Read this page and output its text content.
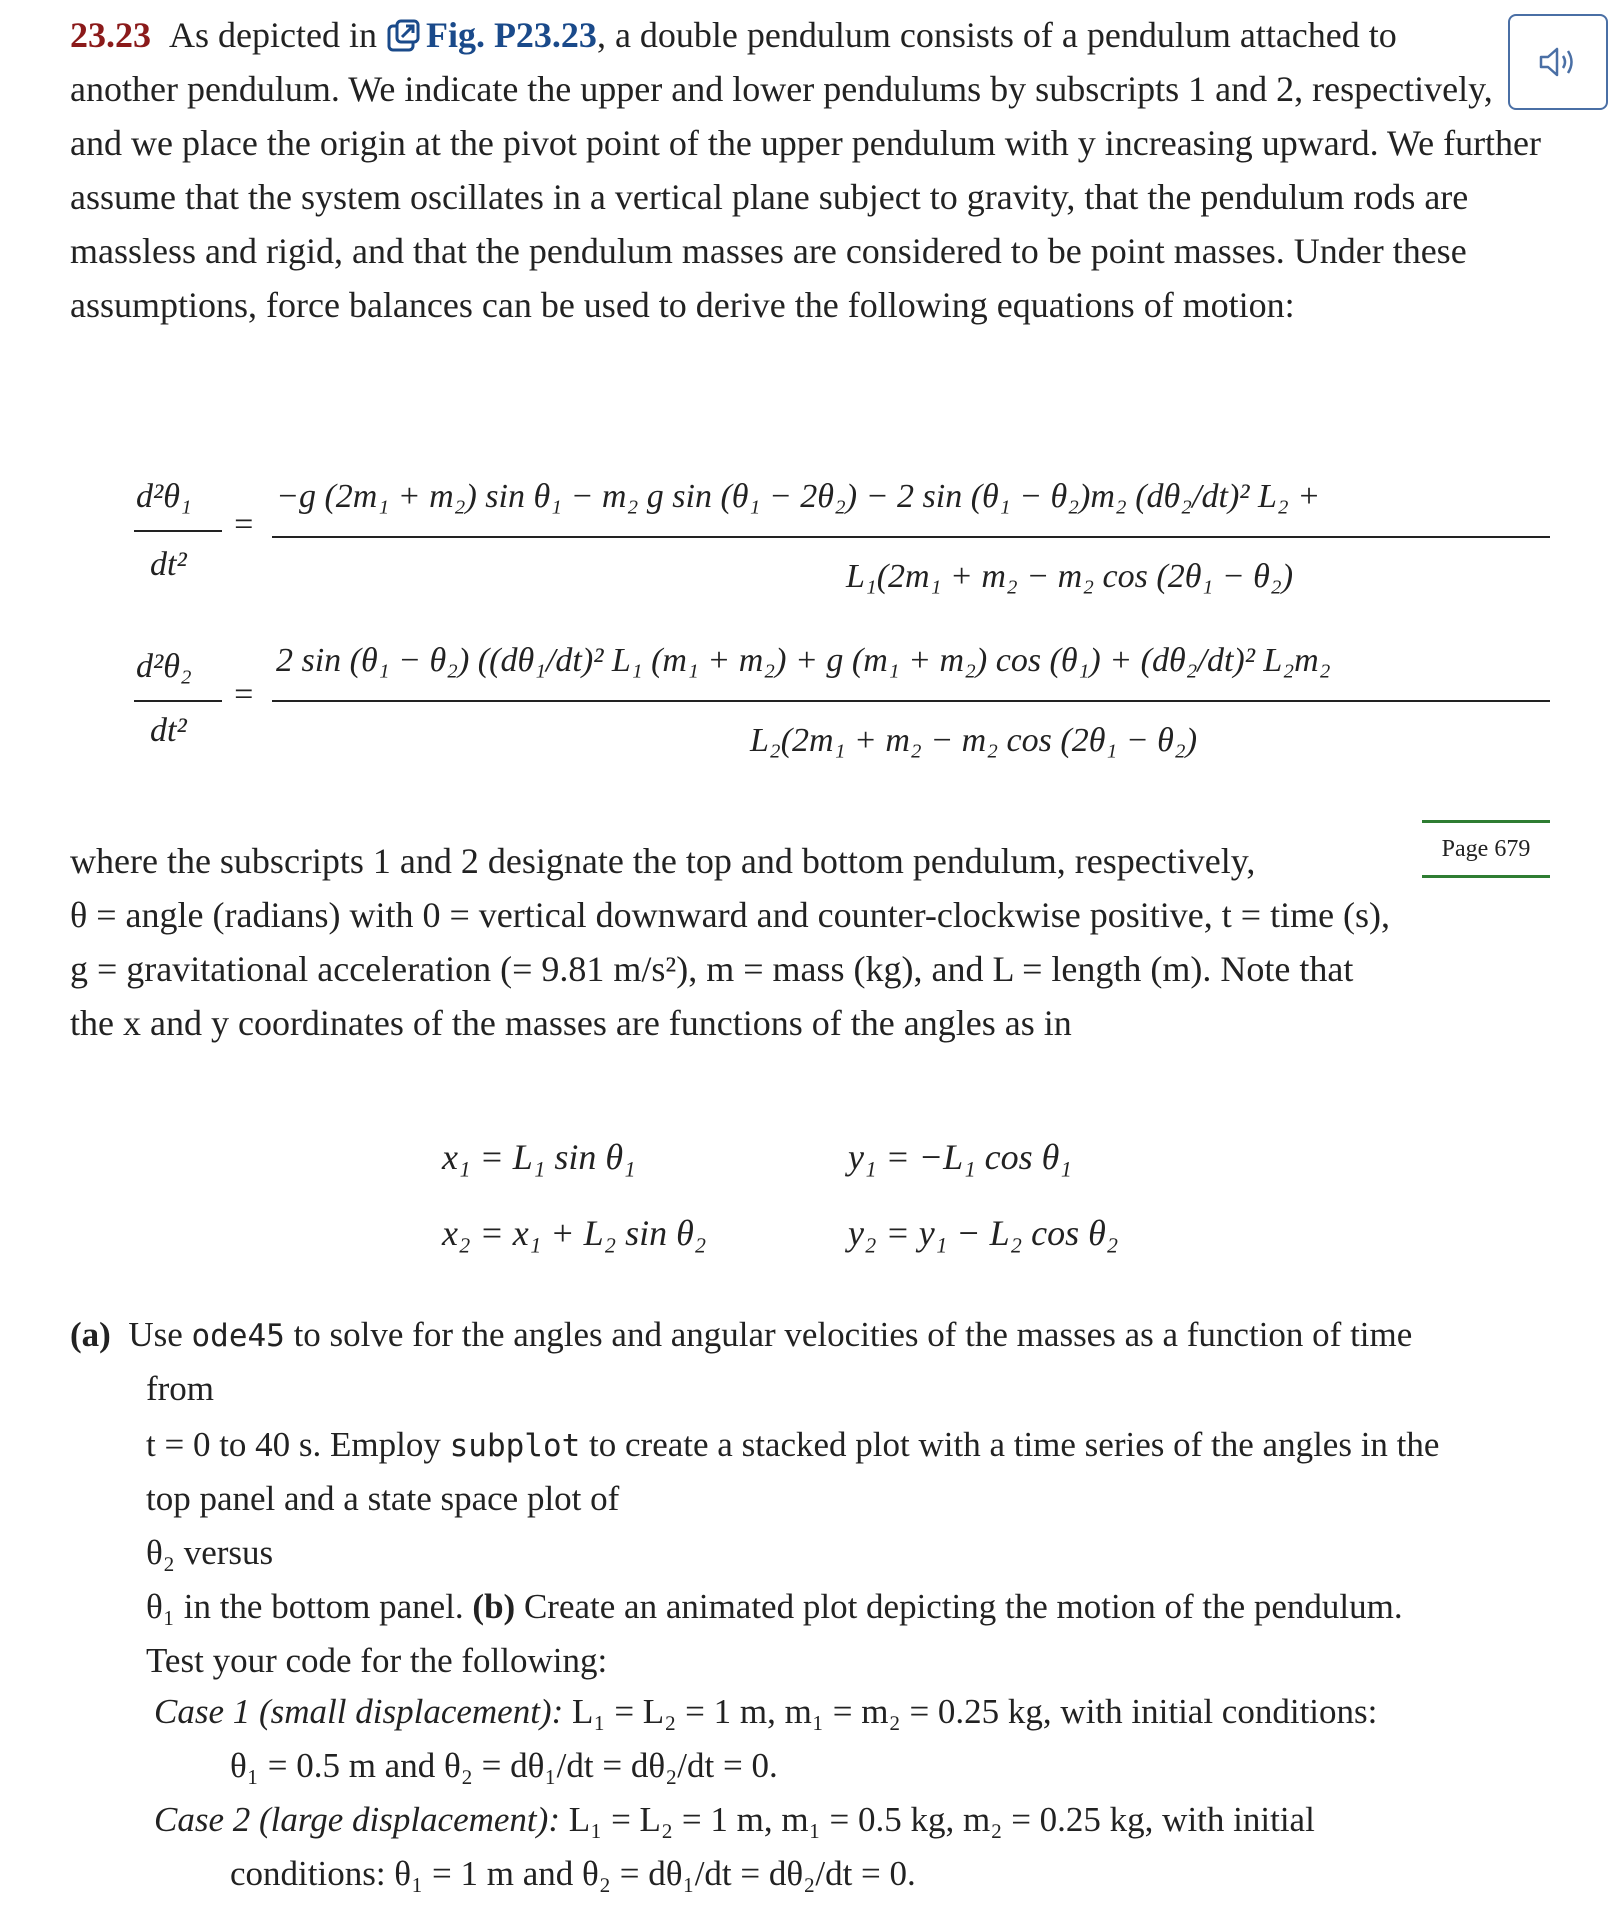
23.23 As depicted in Fig. P23.23, a double pendulum consists of a pendulum attached to
another pendulum. We indicate the upper and lower pendulums by subscripts 1 and 2, respectively, and we place the origin at the pivot point of the upper pendulum with y increasing upward. We further assume that the system oscillates in a vertical plane subject to gravity, that the pendulum rods are massless and rigid, and that the pendulum masses are considered to be point masses. Under these assumptions, force balances can be used to derive the following equations of motion:
d²θ₁
dt²
=
−g (2m₁ + m₂) sin θ₁ − m₂ g sin (θ₁ − 2θ₂) − 2 sin (θ₁ − θ₂)m₂ (dθ₂/dt)² L₂ +
L₁(2m₁ + m₂ − m₂ cos (2θ₁ − θ₂)
d²θ₂
dt²
=
2 sin (θ₁ − θ₂) ((dθ₁/dt)² L₁ (m₁ + m₂) + g (m₁ + m₂) cos (θ₁) + (dθ₂/dt)² L₂m₂
L₂(2m₁ + m₂ − m₂ cos (2θ₁ − θ₂)
Page 679
where the subscripts 1 and 2 designate the top and bottom pendulum, respectively,
θ = angle (radians) with 0 = vertical downward and counter-clockwise positive, t = time (s),
g = gravitational acceleration (= 9.81 m/s²), m = mass (kg), and L = length (m). Note that
the x and y coordinates of the masses are functions of the angles as in
x₁ = L₁ sin θ₁	y₁ = −L₁ cos θ₁
x₂ = x₁ + L₂ sin θ₂	y₂ = y₁ − L₂ cos θ₂
(a) Use ode45 to solve for the angles and angular velocities of the masses as a function of time
from
t = 0 to 40 s. Employ subplot to create a stacked plot with a time series of the angles in the
top panel and a state space plot of
θ₂ versus
θ₁ in the bottom panel. (b) Create an animated plot depicting the motion of the pendulum.
Test your code for the following:
Case 1 (small displacement): L₁ = L₂ = 1 m, m₁ = m₂ = 0.25 kg, with initial conditions:
θ₁ = 0.5 m and θ₂ = dθ₁/dt = dθ₂/dt = 0.
Case 2 (large displacement): L₁ = L₂ = 1 m, m₁ = 0.5 kg, m₂ = 0.25 kg, with initial
conditions: θ₁ = 1 m and θ₂ = dθ₁/dt = dθ₂/dt = 0.
